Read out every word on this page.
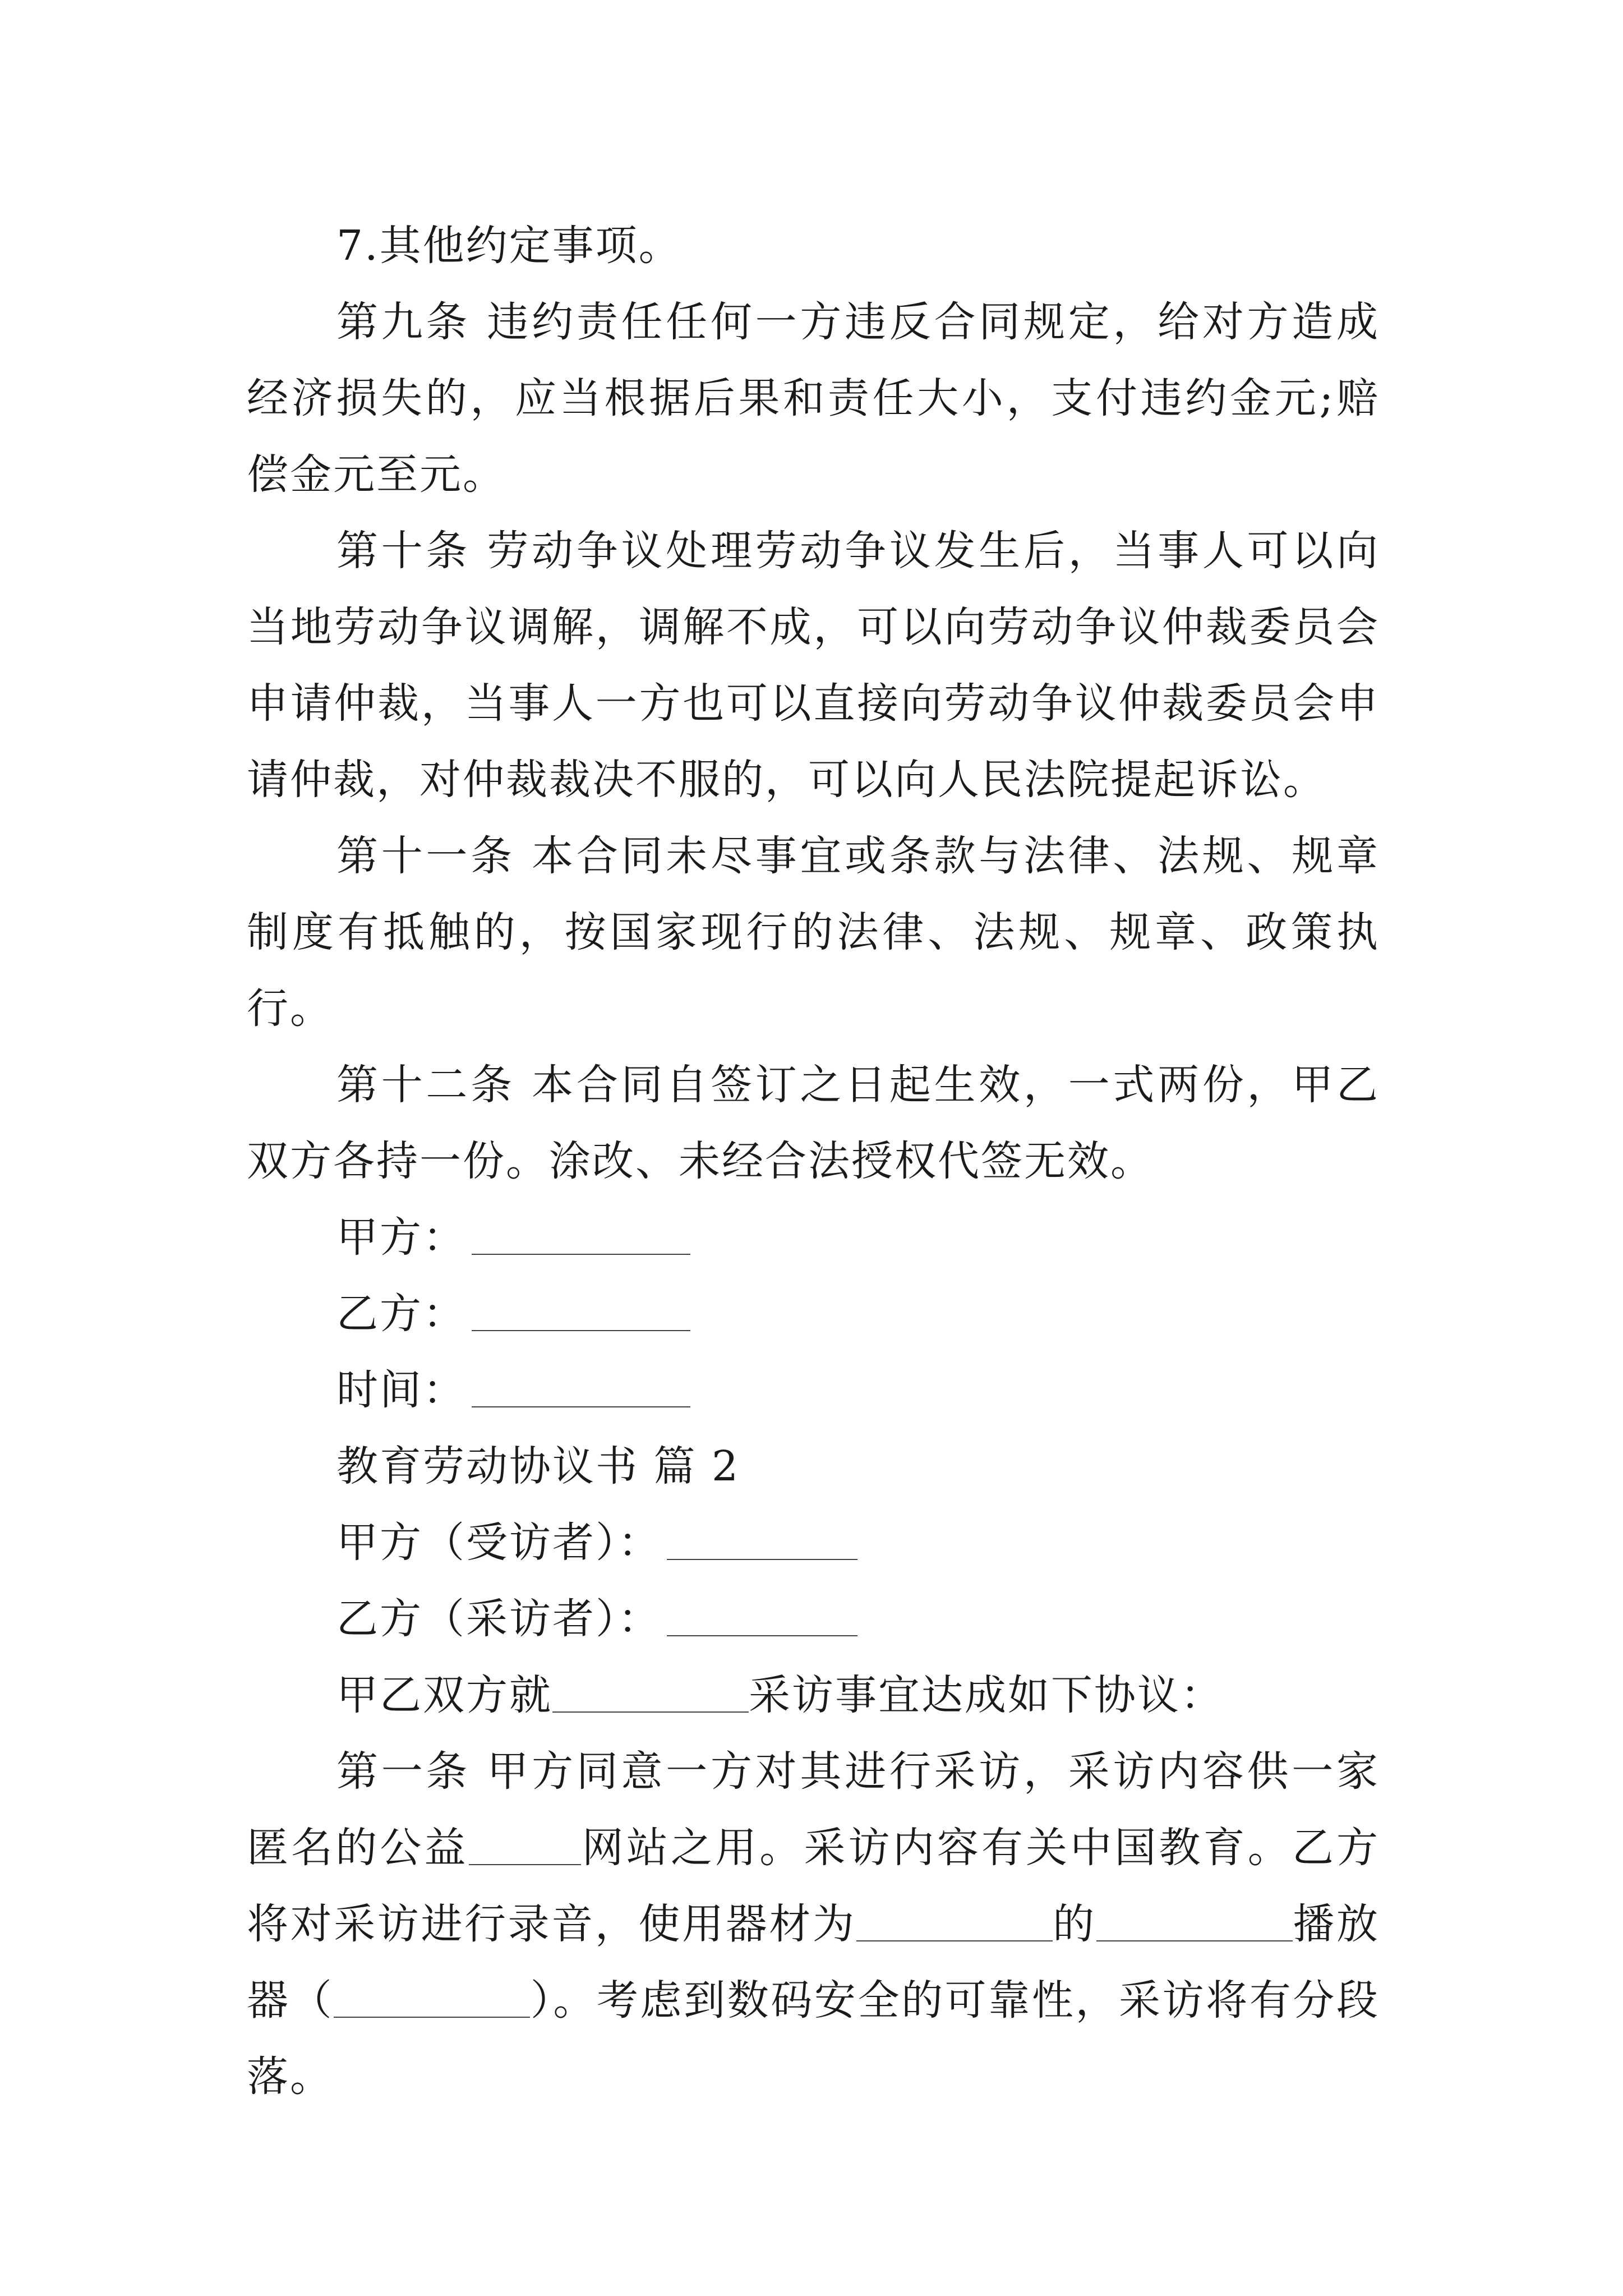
7.其他约定事项。

第九条 违约责任任何一方违反合同规定，给对方造成经济损失的，应当根据后果和责任大小，支付违约金元;赔偿金元至元。

第十条 劳动争议处理劳动争议发生后，当事人可以向当地劳动争议调解，调解不成，可以向劳动争议仲裁委员会申请仲裁，当事人一方也可以直接向劳动争议仲裁委员会申请仲裁，对仲裁裁决不服的，可以向人民法院提起诉讼。

第十一条 本合同未尽事宜或条款与法律、法规、规章制度有抵触的，按国家现行的法律、法规、规章、政策执行。

第十二条 本合同自签订之日起生效，一式两份，甲乙双方各持一份。涂改、未经合法授权代签无效。

甲方：

乙方：

时间：

教育劳动协议书 篇 2

甲方（受访者）：

乙方（采访者）：

甲乙双方就	采访事宜达成如下协议：

第一条 甲方同意一方对其进行采访，采访内容供一家匿名的公益	网站之用。采访内容有关中国教育。乙方将对采访进行录音，使用器材为	的	播放器（	）。考虑到数码安全的可靠性，采访将有分段落。
